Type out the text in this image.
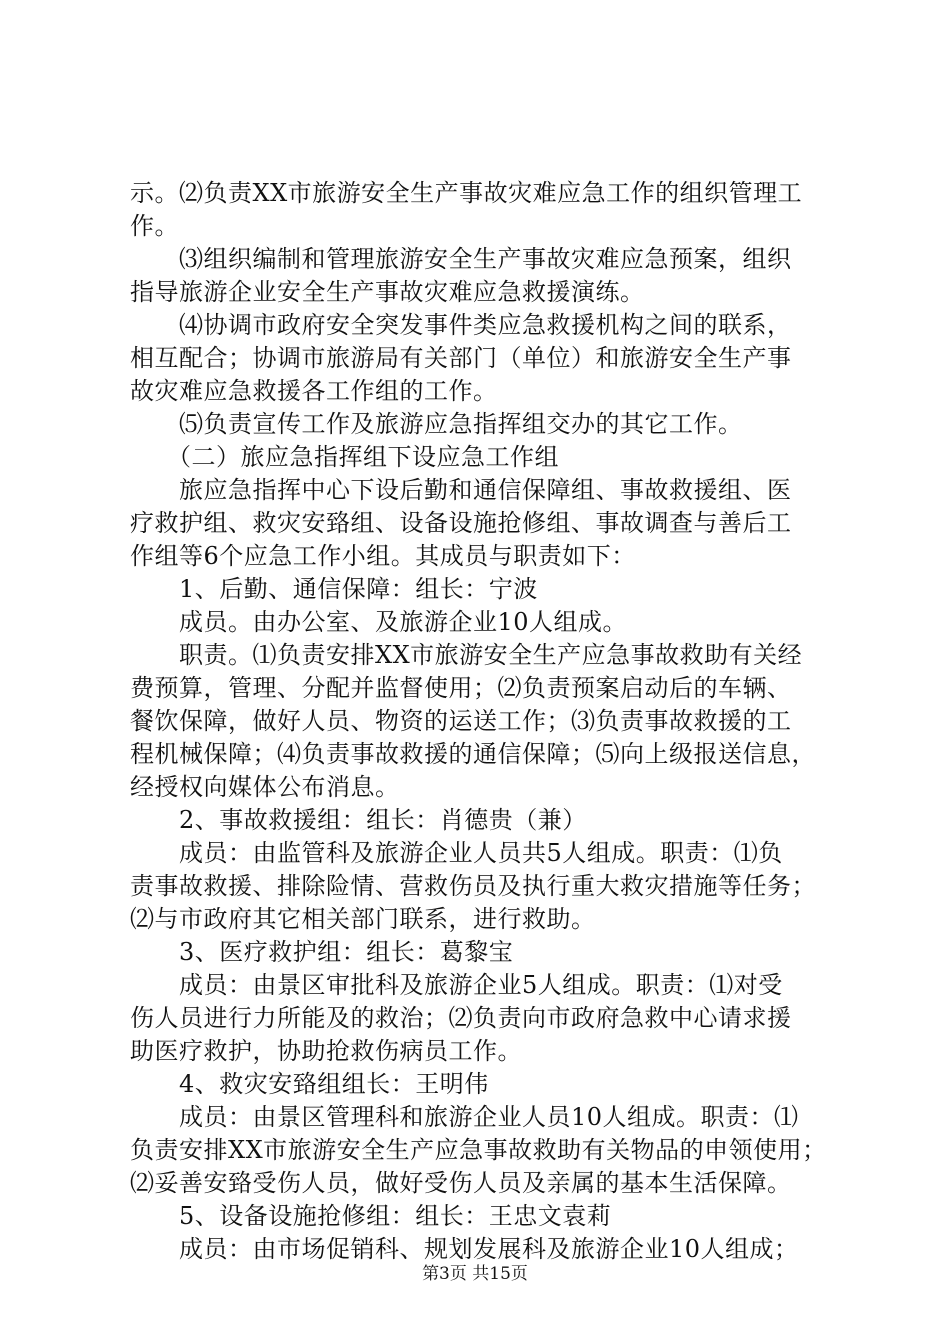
示。⑵负责XX市旅游安全生产事故灾难应急工作的组织管理工
作。
　　⑶组织编制和管理旅游安全生产事故灾难应急预案，组织
指导旅游企业安全生产事故灾难应急救援演练。
　　⑷协调市政府安全突发事件类应急救援机构之间的联系，
相互配合；协调市旅游局有关部门（单位）和旅游安全生产事
故灾难应急救援各工作组的工作。
　　⑸负责宣传工作及旅游应急指挥组交办的其它工作。
　　（二）旅应急指挥组下设应急工作组
　　旅应急指挥中心下设后勤和通信保障组、事故救援组、医
疗救护组、救灾安臵组、设备设施抢修组、事故调查与善后工
作组等6个应急工作小组。其成员与职责如下：
　　1、后勤、通信保障：组长：宁波
　　成员。由办公室、及旅游企业10人组成。
　　职责。⑴负责安排XX市旅游安全生产应急事故救助有关经
费预算，管理、分配并监督使用；⑵负责预案启动后的车辆、
餐饮保障，做好人员、物资的运送工作；⑶负责事故救援的工
程机械保障；⑷负责事故救援的通信保障；⑸向上级报送信息，
经授权向媒体公布消息。
　　2、事故救援组：组长：肖德贵（兼）
　　成员：由监管科及旅游企业人员共5人组成。职责：⑴负
责事故救援、排除险情、营救伤员及执行重大救灾措施等任务；
⑵与市政府其它相关部门联系，进行救助。
　　3、医疗救护组：组长：葛黎宝
　　成员：由景区审批科及旅游企业5人组成。职责：⑴对受
伤人员进行力所能及的救治；⑵负责向市政府急救中心请求援
助医疗救护，协助抢救伤病员工作。
　　4、救灾安臵组组长：王明伟
　　成员：由景区管理科和旅游企业人员10人组成。职责：⑴
负责安排XX市旅游安全生产应急事故救助有关物品的申领使用；
⑵妥善安臵受伤人员，做好受伤人员及亲属的基本生活保障。
　　5、设备设施抢修组：组长：王忠文袁莉
　　成员：由市场促销科、规划发展科及旅游企业10人组成；
第3页 共15页
